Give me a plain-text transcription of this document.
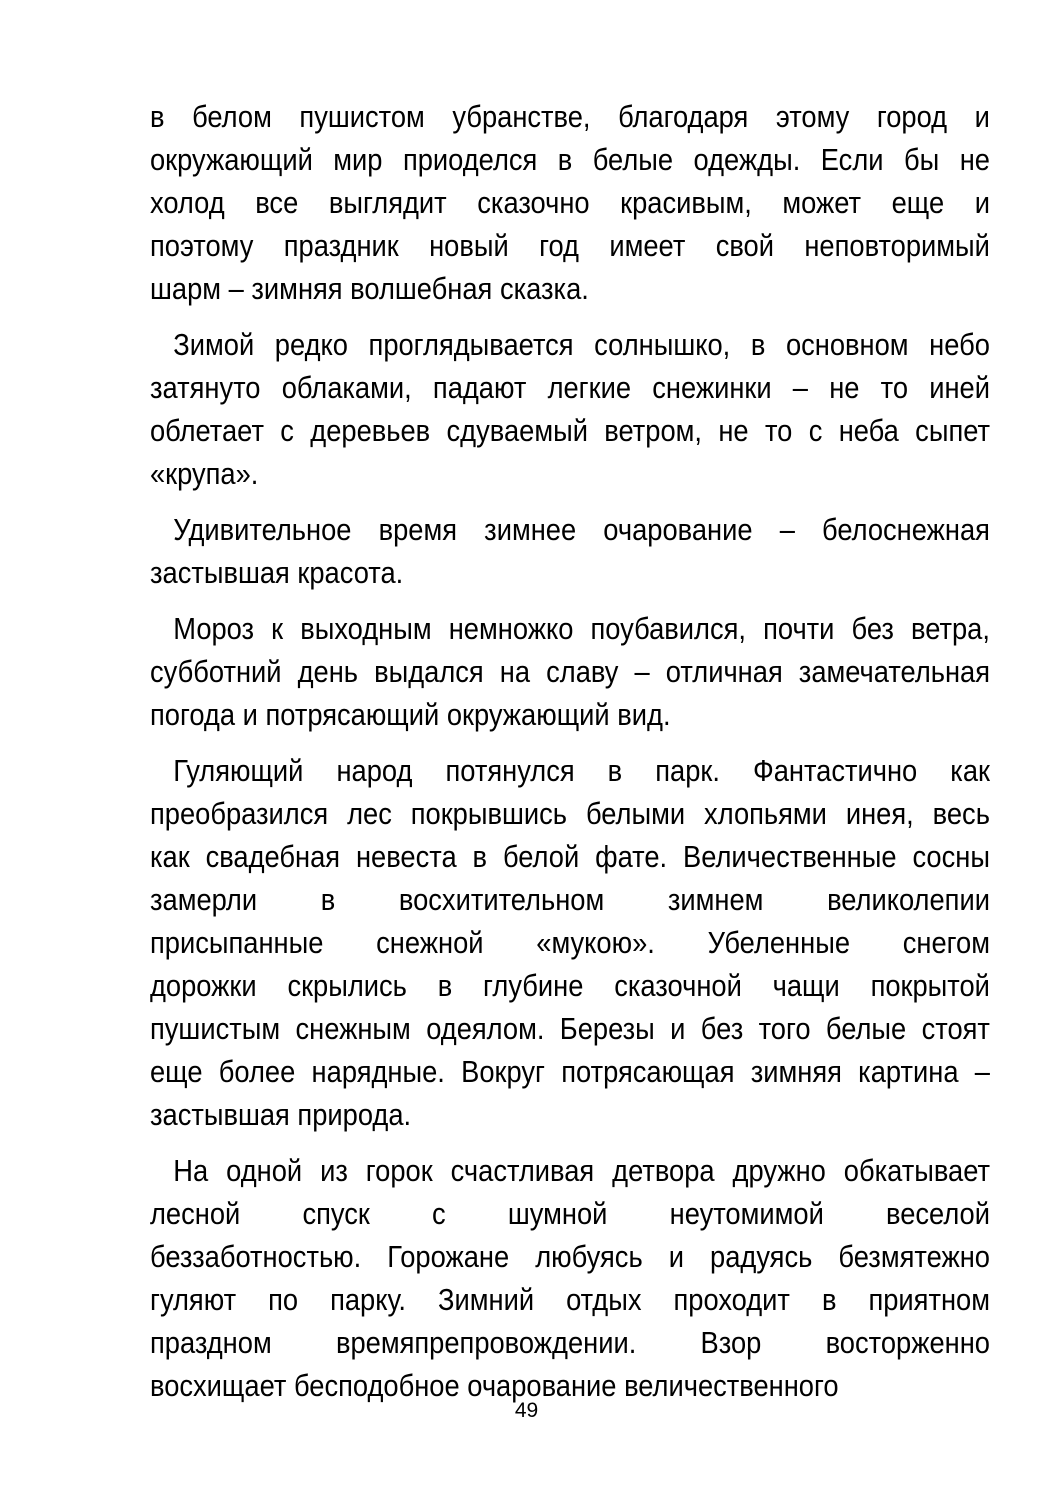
в белом пушистом убранстве, благодаря этому город и
окружающий мир приоделся в белые одежды. Если бы не
холод все выглядит сказочно красивым, может еще и
поэтому праздник новый год имеет свой неповторимый
шарм – зимняя волшебная сказка.

Зимой редко проглядывается солнышко, в основном небо
затянуто облаками, падают легкие снежинки – не то иней
облетает с деревьев сдуваемый ветром, не то с неба сыпет
«крупа».

Удивительное время зимнее очарование – белоснежная
застывшая красота.

Мороз к выходным немножко поубавился, почти без ветра,
субботний день выдался на славу – отличная замечательная
погода и потрясающий окружающий вид.

Гуляющий народ потянулся в парк. Фантастично как
преобразился лес покрывшись белыми хлопьями инея, весь
как свадебная невеста в белой фате. Величественные сосны
замерли в восхитительном зимнем великолепии
присыпанные снежной «мукою». Убеленные снегом
дорожки скрылись в глубине сказочной чащи покрытой
пушистым снежным одеялом. Березы и без того белые стоят
еще более нарядные. Вокруг потрясающая зимняя картина –
застывшая природа.

На одной из горок счастливая детвора дружно обкатывает
лесной спуск с шумной неутомимой веселой
беззаботностью. Горожане любуясь и радуясь безмятежно
гуляют по парку. Зимний отдых проходит в приятном
праздном времяпрепровождении. Взор восторженно
восхищает бесподобное очарование величественного

49
